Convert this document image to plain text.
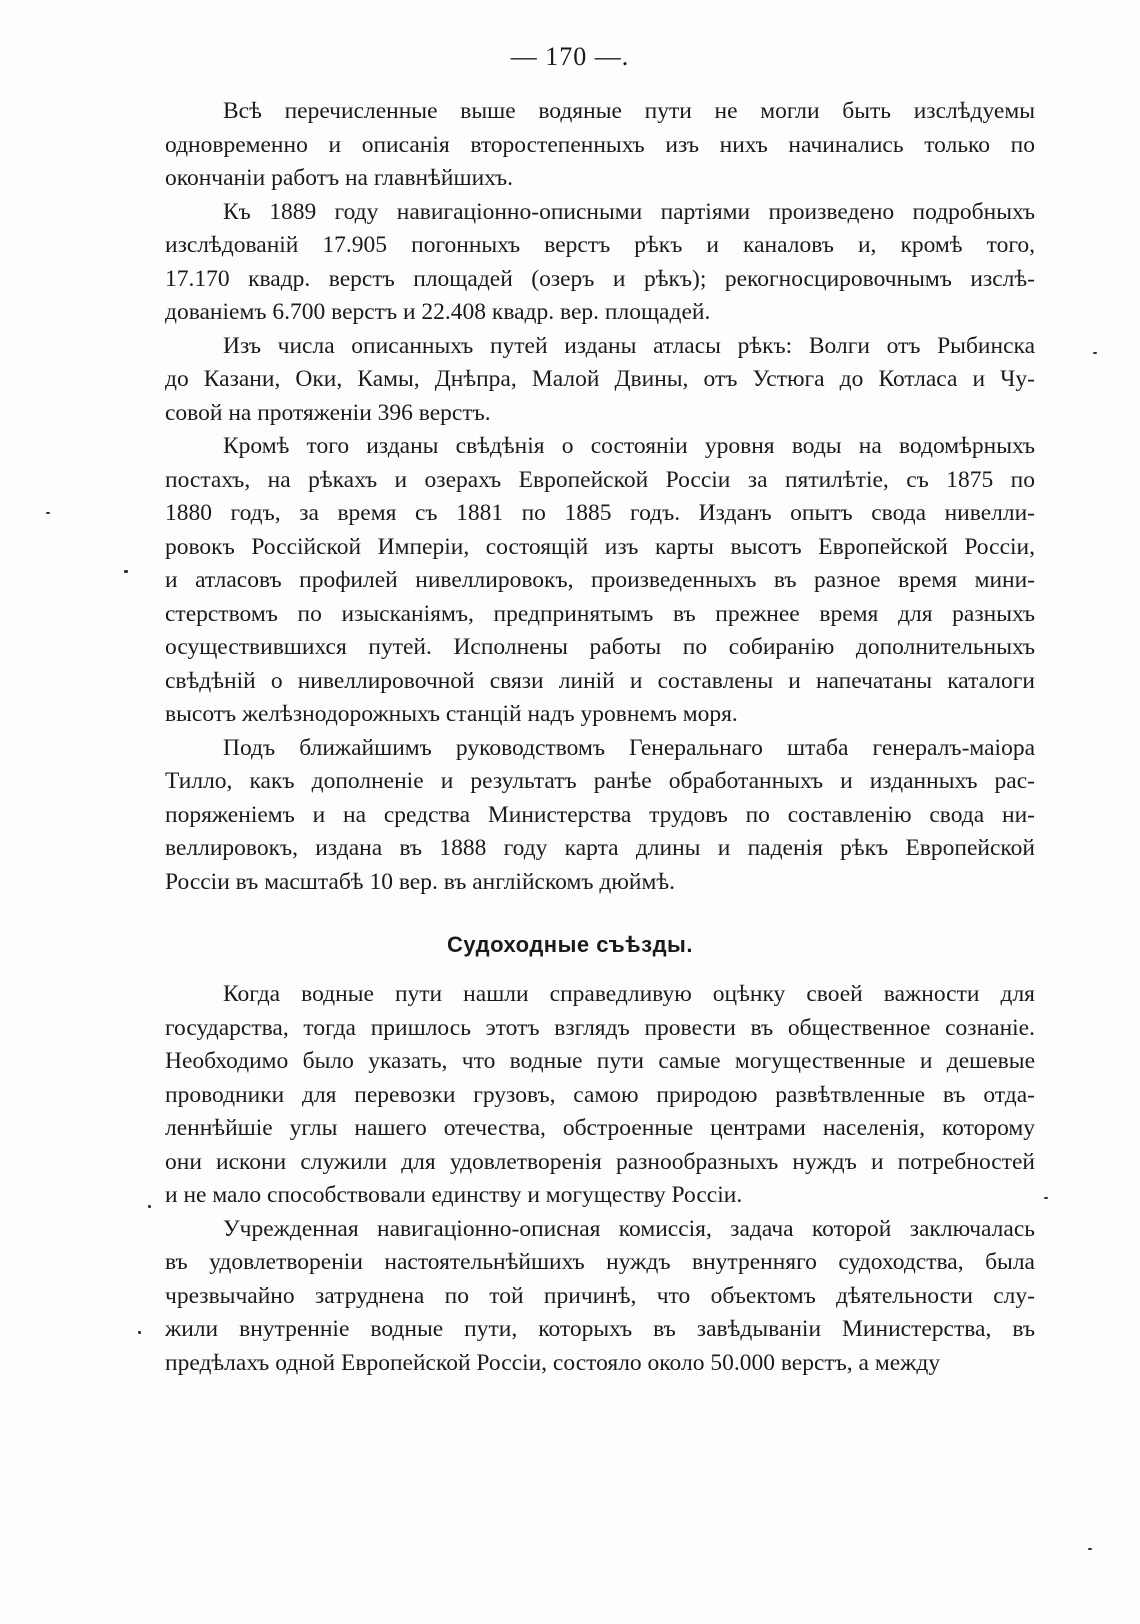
— 170 —.
Всѣ перечисленные выше водяные пути не могли быть изслѣдуемы
одновременно и описанія второстепенныхъ изъ нихъ начинались только по
окончаніи работъ на главнѣйшихъ.
Къ 1889 году навигаціонно-описными партіями произведено подробныхъ
изслѣдованій 17.905 погонныхъ верстъ рѣкъ и каналовъ и, кромѣ того,
17.170 квадр. верстъ площадей (озеръ и рѣкъ); рекогносцировочнымъ изслѣ-
дованіемъ 6.700 верстъ и 22.408 квадр. вер. площадей.
Изъ числа описанныхъ путей изданы атласы рѣкъ: Волги отъ Рыбинска
до Казани, Оки, Камы, Днѣпра, Малой Двины, отъ Устюга до Котласа и Чу-
совой на протяженіи 396 верстъ.
Кромѣ того изданы свѣдѣнія о состояніи уровня воды на водомѣрныхъ
постахъ, на рѣкахъ и озерахъ Европейской Россіи за пятилѣтіе, съ 1875 по
1880 годъ, за время съ 1881 по 1885 годъ. Изданъ опытъ свода нивелли-
ровокъ Россійской Имперіи, состоящій изъ карты высотъ Европейской Россіи,
и атласовъ профилей нивеллировокъ, произведенныхъ въ разное время мини-
стерствомъ по изысканіямъ, предпринятымъ въ прежнее время для разныхъ
осуществившихся путей. Исполнены работы по собиранію дополнительныхъ
свѣдѣній о нивеллировочной связи линій и составлены и напечатаны каталоги
высотъ желѣзнодорожныхъ станцій надъ уровнемъ моря.
Подъ ближайшимъ руководствомъ Генеральнаго штаба генералъ-маіора
Тилло, какъ дополненіе и результатъ ранѣе обработанныхъ и изданныхъ рас-
поряженіемъ и на средства Министерства трудовъ по составленію свода ни-
веллировокъ, издана въ 1888 году карта длины и паденія рѣкъ Европейской
Россіи въ масштабѣ 10 вер. въ англійскомъ дюймѣ.
Судоходные съѣзды.
Когда водные пути нашли справедливую оцѣнку своей важности для
государства, тогда пришлось этотъ взглядъ провести въ общественное сознаніе.
Необходимо было указать, что водные пути самые могущественные и дешевые
проводники для перевозки грузовъ, самою природою развѣтвленные въ отда-
леннѣйшіе углы нашего отечества, обстроенные центрами населенія, которому
они искони служили для удовлетворенія разнообразныхъ нуждъ и потребностей
и не мало способствовали единству и могуществу Россіи.
Учрежденная навигаціонно-описная комиссія, задача которой заключалась
въ удовлетвореніи настоятельнѣйшихъ нуждъ внутренняго судоходства, была
чрезвычайно затруднена по той причинѣ, что объектомъ дѣятельности слу-
жили внутренніе водные пути, которыхъ въ завѣдываніи Министерства, въ
предѣлахъ одной Европейской Россіи, состояло около 50.000 верстъ, а между
